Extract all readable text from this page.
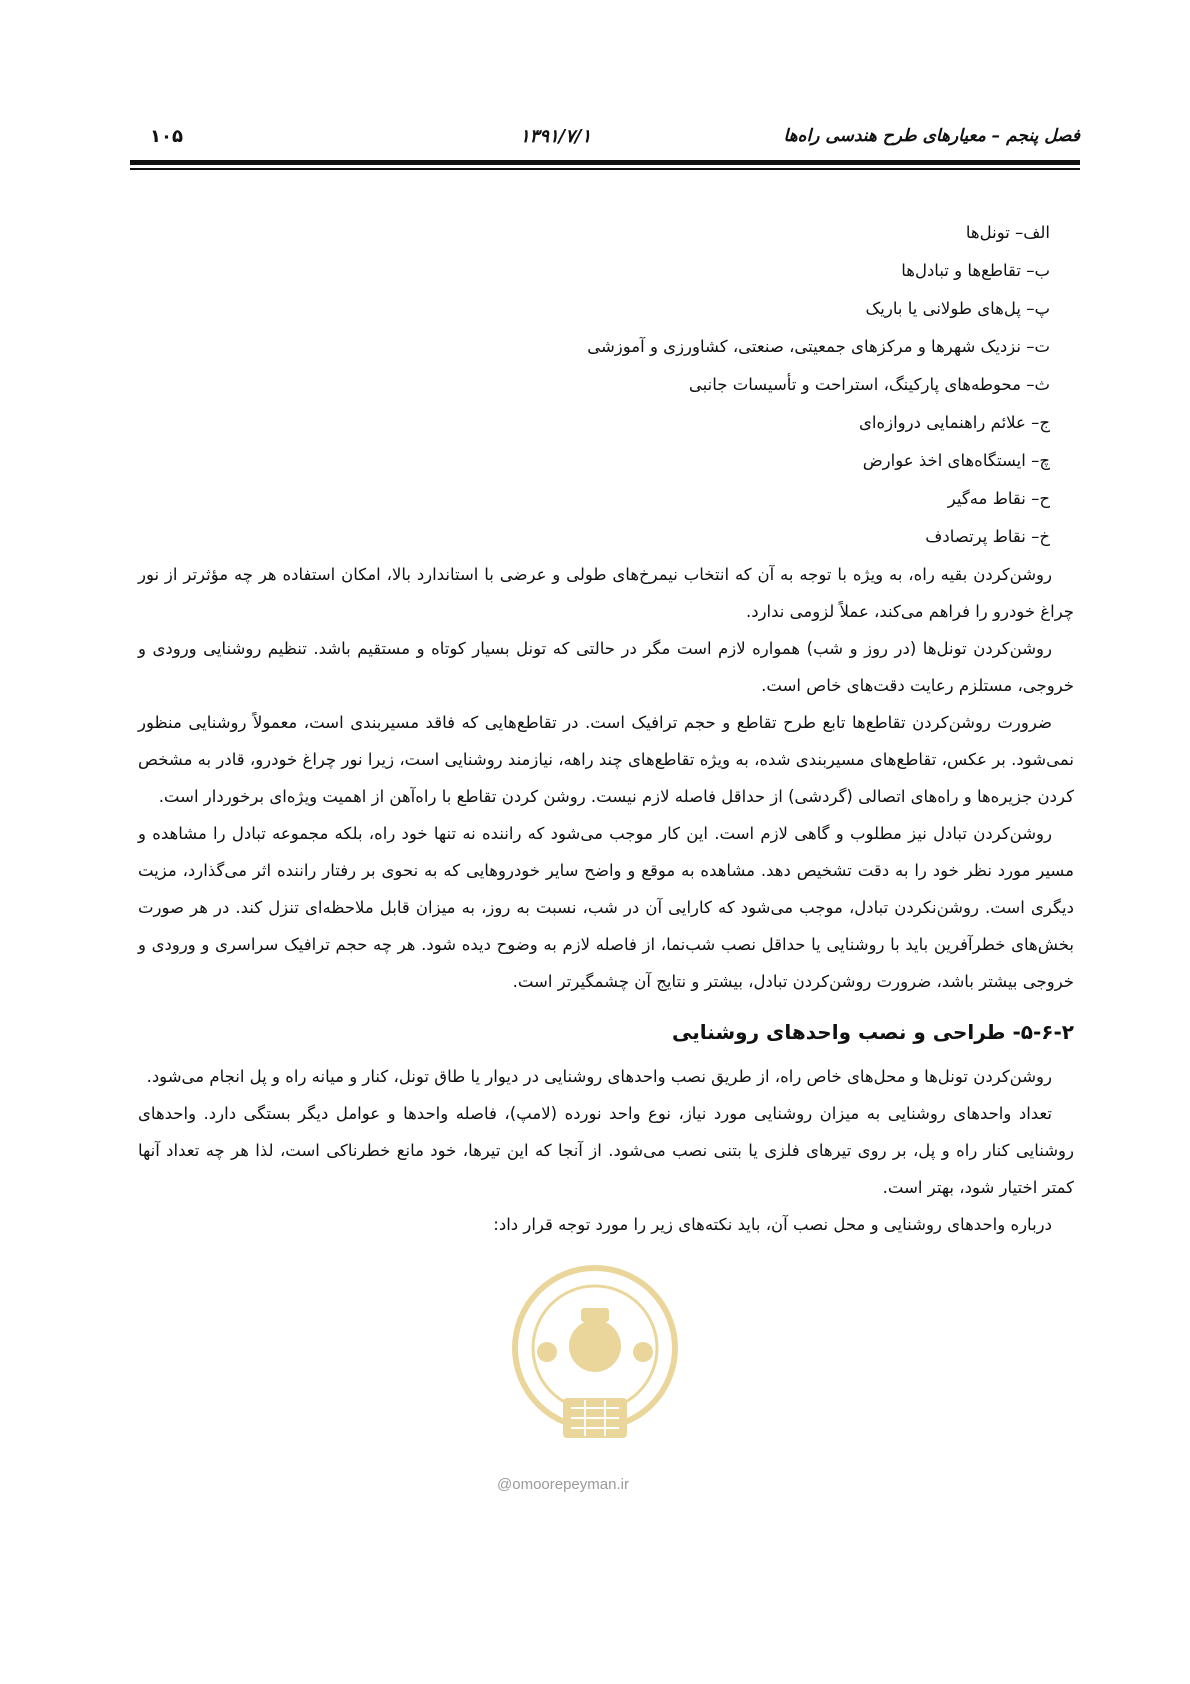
فصل پنجم – معیارهای طرح هندسی راه‌ها
۱۳۹۱/۷/۱
۱۰۵
الف– تونل‌ها
ب– تقاطع‌ها و تبادل‌ها
پ– پل‌های طولانی یا باریک
ت– نزدیک شهرها و مرکزهای جمعیتی، صنعتی، کشاورزی و آموزشی
ث– محوطه‌های پارکینگ، استراحت و تأسیسات جانبی
ج– علائم راهنمایی دروازه‌ای
چ– ایستگاه‌های اخذ عوارض
ح– نقاط مه‌گیر
خ– نقاط پرتصادف

روشن‌کردن بقیه راه، به ویژه با توجه به آن که انتخاب نیمرخ‌های طولی و عرضی با استاندارد بالا، امکان استفاده هر چه مؤثرتر از نور چراغ خودرو را فراهم می‌کند، عملاً لزومی ندارد.

روشن‌کردن تونل‌ها (در روز و شب) همواره لازم است مگر در حالتی که تونل بسیار کوتاه و مستقیم باشد. تنظیم روشنایی ورودی و خروجی، مستلزم رعایت دقت‌های خاص است.

ضرورت روشن‌کردن تقاطع‌ها تابع طرح تقاطع و حجم ترافیک است. در تقاطع‌هایی که فاقد مسیربندی است، معمولاً روشنایی منظور نمی‌شود. بر عکس، تقاطع‌های مسیربندی شده، به ویژه تقاطع‌های چند راهه، نیازمند روشنایی است، زیرا نور چراغ خودرو، قادر به مشخص کردن جزیره‌ها و راه‌های اتصالی (گردشی) از حداقل فاصله لازم نیست. روشن کردن تقاطع با راه‌آهن از اهمیت ویژه‌ای برخوردار است.

روشن‌کردن تبادل نیز مطلوب و گاهی لازم است. این کار موجب می‌شود که راننده نه تنها خود راه، بلکه مجموعه تبادل را مشاهده و مسیر مورد نظر خود را به دقت تشخیص دهد. مشاهده به موقع و واضح سایر خودروهایی که به نحوی بر رفتار راننده اثر می‌گذارد، مزیت دیگری است. روشن‌نکردن تبادل، موجب می‌شود که کارایی آن در شب، نسبت به روز، به میزان قابل ملاحظه‌ای تنزل کند. در هر صورت بخش‌های خطرآفرین باید با روشنایی یا حداقل نصب شب‌نما، از فاصله لازم به وضوح دیده شود. هر چه حجم ترافیک سراسری و ورودی و خروجی بیشتر باشد، ضرورت روشن‌کردن تبادل، بیشتر و نتایج آن چشمگیرتر است.

۵-۶-۲- طراحی و نصب واحدهای روشنایی

روشن‌کردن تونل‌ها و محل‌های خاص راه، از طریق نصب واحدهای روشنایی در دیوار یا طاق تونل، کنار و میانه راه و پل انجام می‌شود.

تعداد واحدهای روشنایی به میزان روشنایی مورد نیاز، نوع واحد نورده (لامپ)، فاصله واحدها و عوامل دیگر بستگی دارد. واحدهای روشنایی کنار راه و پل، بر روی تیرهای فلزی یا بتنی نصب می‌شود. از آنجا که این تیرها، خود مانع خطرناکی است، لذا هر چه تعداد آنها کمتر اختیار شود، بهتر است.

درباره واحدهای روشنایی و محل نصب آن، باید نکته‌های زیر را مورد توجه قرار داد:

@omoorepeyman.ir
